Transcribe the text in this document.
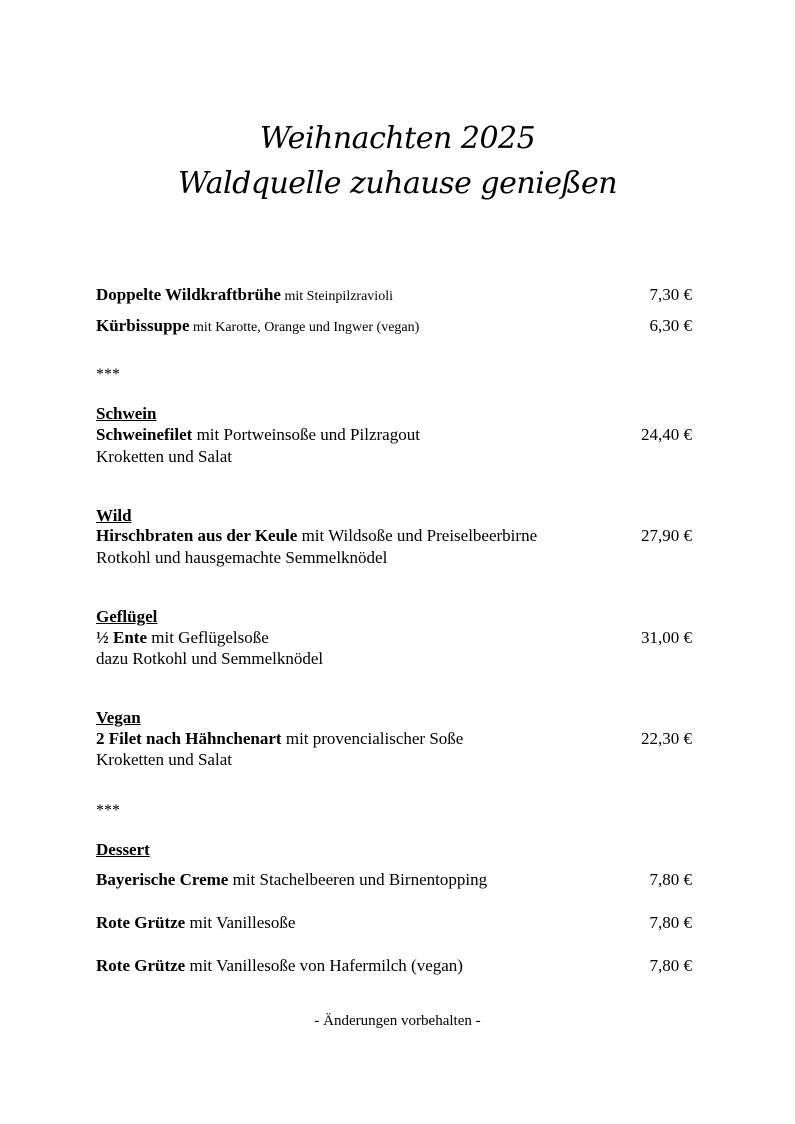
Weihnachten 2025
Waldquelle zuhause genießen
Doppelte Wildkraftbrühe mit Steinpilzravioli	7,30 €
Kürbissuppe mit Karotte, Orange und Ingwer (vegan)	6,30 €
***
Schwein
Schweinefilet mit Portweinsoße und Pilzragout	24,40 €
Kroketten und Salat
Wild
Hirschbraten aus der Keule mit Wildsoße und Preiselbeerbirne	27,90 €
Rotkohl und hausgemachte Semmelknödel
Geflügel
½ Ente mit Geflügelsoße	31,00 €
dazu Rotkohl und Semmelknödel
Vegan
2 Filet nach Hähnchenart mit provencialischer Soße	22,30 €
Kroketten und Salat
***
Dessert
Bayerische Creme mit Stachelbeeren und Birnentopping	7,80 €
Rote Grütze mit Vanillesoße	7,80 €
Rote Grütze mit Vanillesoße von Hafermilch (vegan)	7,80 €
- Änderungen vorbehalten -
